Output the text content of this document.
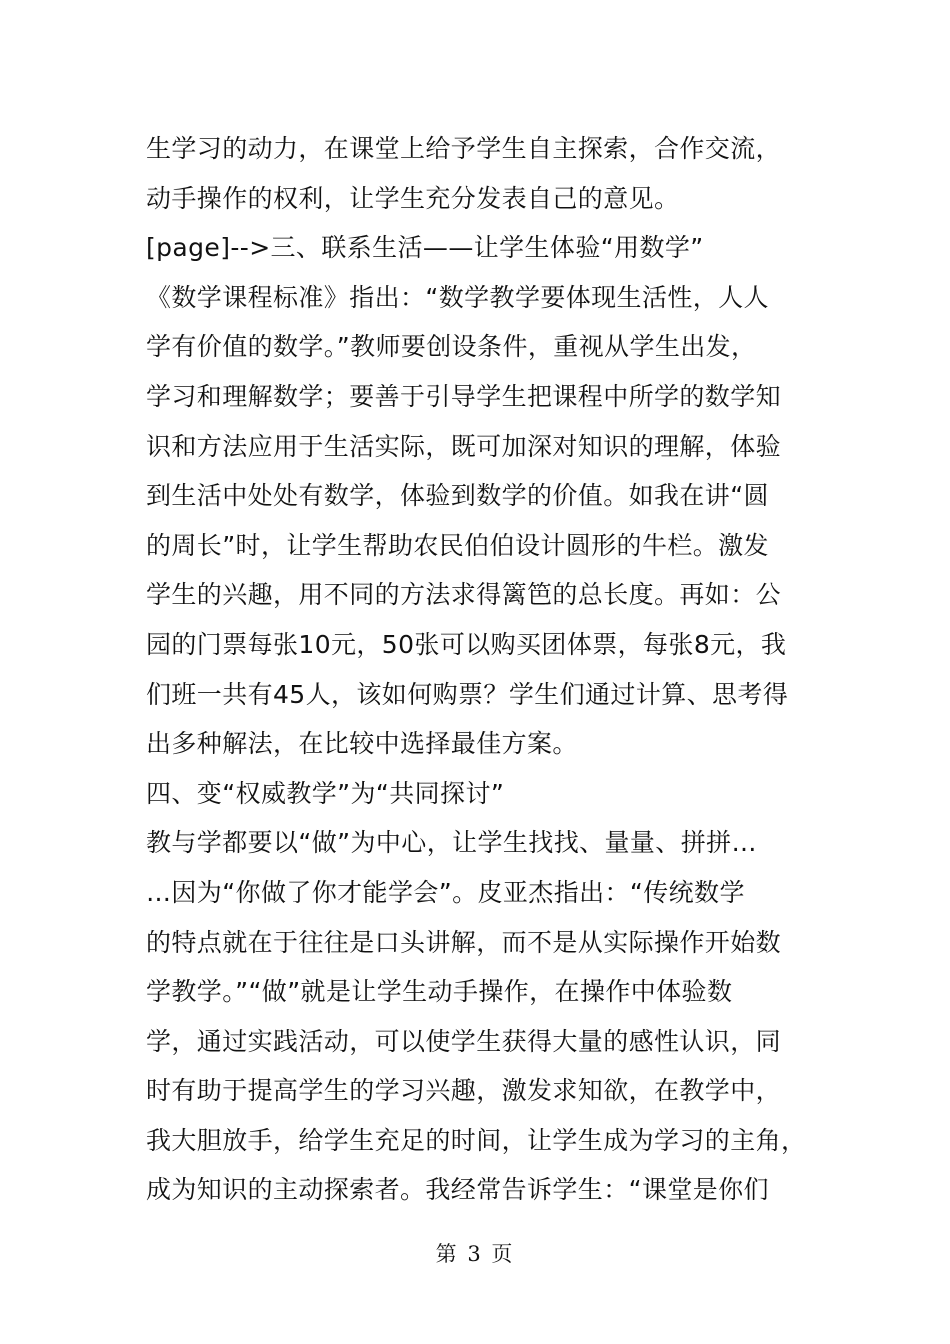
生学习的动力，在课堂上给予学生自主探索，合作交流，
动手操作的权利，让学生充分发表自己的意见。
[page]-->三、联系生活——让学生体验“用数学”
《数学课程标准》指出：“数学教学要体现生活性，人人
学有价值的数学。”教师要创设条件，重视从学生出发，
学习和理解数学；要善于引导学生把课程中所学的数学知
识和方法应用于生活实际，既可加深对知识的理解，体验
到生活中处处有数学，体验到数学的价值。如我在讲“圆
的周长”时，让学生帮助农民伯伯设计圆形的牛栏。激发
学生的兴趣，用不同的方法求得篱笆的总长度。再如：公
园的门票每张10元，50张可以购买团体票，每张8元，我
们班一共有45人，该如何购票？学生们通过计算、思考得
出多种解法，在比较中选择最佳方案。
四、变“权威教学”为“共同探讨”
教与学都要以“做”为中心，让学生找找、量量、拼拼…
…因为“你做了你才能学会”。皮亚杰指出：“传统数学
的特点就在于往往是口头讲解，而不是从实际操作开始数
学教学。”“做”就是让学生动手操作，在操作中体验数
学，通过实践活动，可以使学生获得大量的感性认识，同
时有助于提高学生的学习兴趣，激发求知欲，在教学中，
我大胆放手，给学生充足的时间，让学生成为学习的主角，
成为知识的主动探索者。我经常告诉学生：“课堂是你们
第 3 页
